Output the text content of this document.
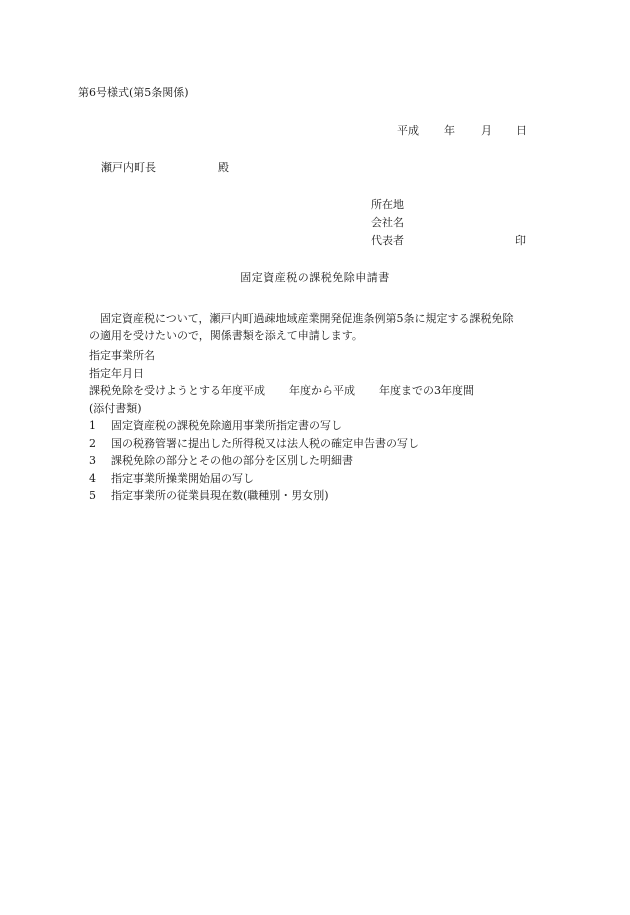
第6号様式(第5条関係)
平成 年 月 日
瀬戸内町長	殿
所在地
会社名
代表者	印
固定資産税の課税免除申請書

固定資産税について，瀬戸内町過疎地域産業開発促進条例第5条に規定する課税免除

の適用を受けたいので，関係書類を添えて申請します。

指定事業所名
指定年月日
課税免除を受けようとする年度平成 年度から平成 年度までの3年度間
(添付書類)
1 固定資産税の課税免除適用事業所指定書の写し
2 国の税務管署に提出した所得税又は法人税の確定申告書の写し
3 課税免除の部分とその他の部分を区別した明細書
4 指定事業所操業開始届の写し
5 指定事業所の従業員現在数(職種別・男女別)
